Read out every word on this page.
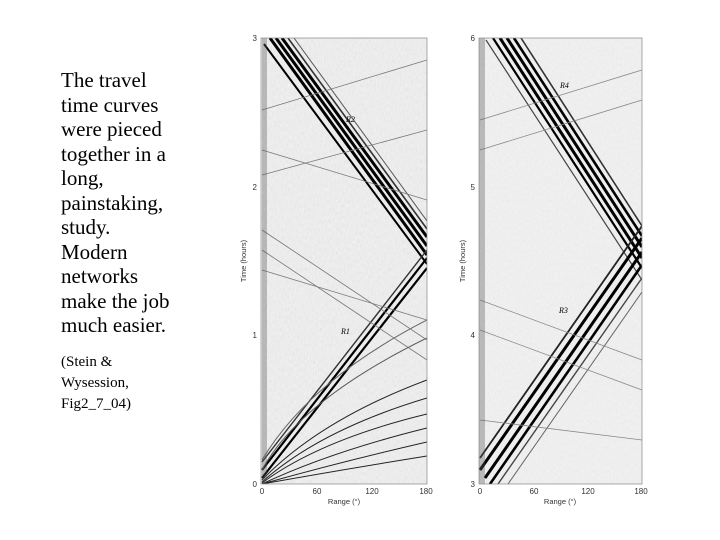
The travel
time curves
were pieced
together in a
long,
painstaking,
study.
Modern
networks
make the job
much easier.

(Stein &
Wysession,
Fig2_7_04)
R2
R1
3
2
1
0
Time (hours)
0	60	120	180
Range (°)
R4
R3
6
5
4
3
Time (hours)
0	60	120	180
Range (°)
